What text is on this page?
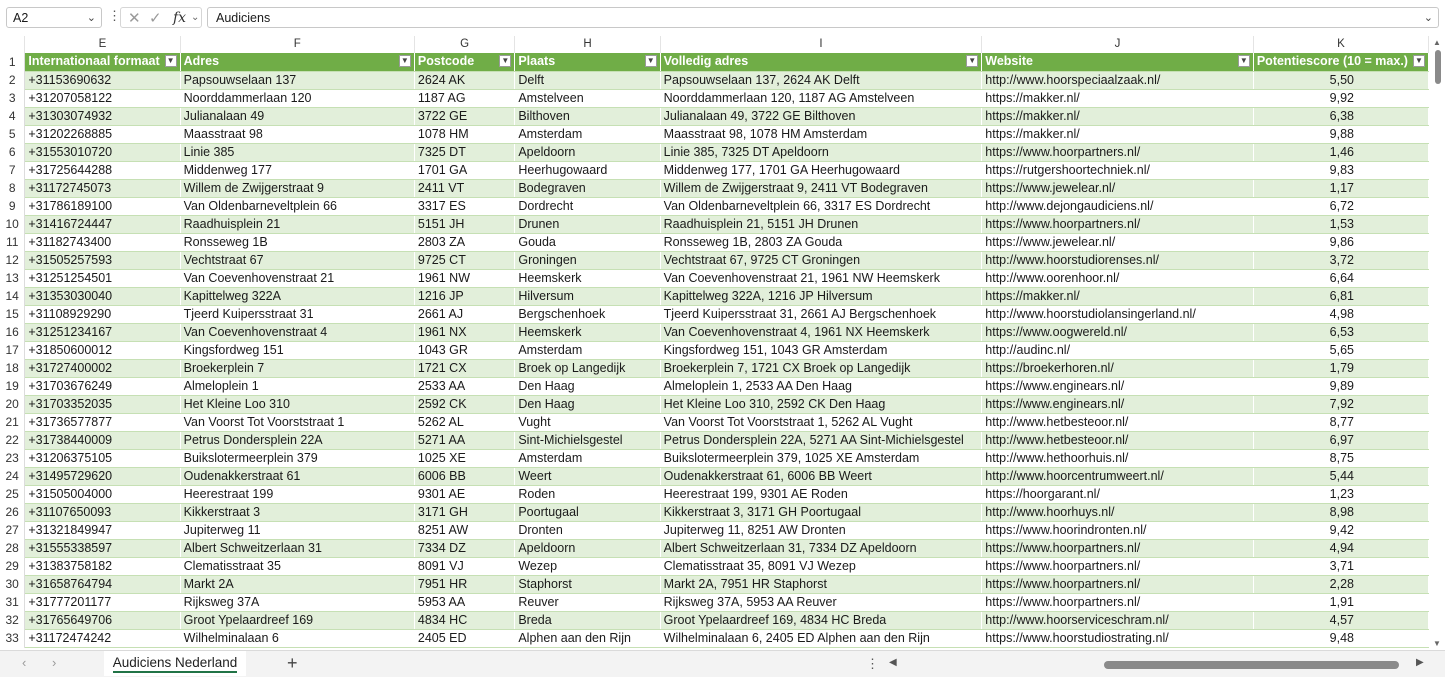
A2	⌄ ⋮ ✕ ✓ fx ⌄ Audiciens	⌄
	E	F	G	H	I	J	K
1	Internationaal formaat ▼	Adres ▼	Postcode ▼	Plaats ▼	Volledig adres ▼	Website ▼	Potentiescore (10 = max.) ▼

2	+31153690632	Papsouwselaan 137	2624 AK	Delft	Papsouwselaan 137, 2624 AK Delft	http://www.hoorspeciaalzaak.nl/	5,50
3	+31207058122	Noorddammerlaan 120	1187 AG	Amstelveen	Noorddammerlaan 120, 1187 AG Amstelveen	https://makker.nl/	9,92
4	+31303074932	Julianalaan 49	3722 GE	Bilthoven	Julianalaan 49, 3722 GE Bilthoven	https://makker.nl/	6,38
5	+31202268885	Maasstraat 98	1078 HM	Amsterdam	Maasstraat 98, 1078 HM Amsterdam	https://makker.nl/	9,88
6	+31553010720	Linie 385	7325 DT	Apeldoorn	Linie 385, 7325 DT Apeldoorn	https://www.hoorpartners.nl/	1,46
7	+31725644288	Middenweg 177	1701 GA	Heerhugowaard	Middenweg 177, 1701 GA Heerhugowaard	https://rutgershoortechniek.nl/	9,83
8	+31172745073	Willem de Zwijgerstraat 9	2411 VT	Bodegraven	Willem de Zwijgerstraat 9, 2411 VT Bodegraven	https://www.jewelear.nl/	1,17
9	+31786189100	Van Oldenbarneveltplein 66	3317 ES	Dordrecht	Van Oldenbarneveltplein 66, 3317 ES Dordrecht	http://www.dejongaudiciens.nl/	6,72
10	+31416724447	Raadhuisplein 21	5151 JH	Drunen	Raadhuisplein 21, 5151 JH Drunen	https://www.hoorpartners.nl/	1,53
11	+31182743400	Ronsseweg 1B	2803 ZA	Gouda	Ronsseweg 1B, 2803 ZA Gouda	https://www.jewelear.nl/	9,86
12	+31505257593	Vechtstraat 67	9725 CT	Groningen	Vechtstraat 67, 9725 CT Groningen	http://www.hoorstudiorenses.nl/	3,72
13	+31251254501	Van Coevenhovenstraat 21	1961 NW	Heemskerk	Van Coevenhovenstraat 21, 1961 NW Heemskerk	http://www.oorenhoor.nl/	6,64
14	+31353030040	Kapittelweg 322A	1216 JP	Hilversum	Kapittelweg 322A, 1216 JP Hilversum	https://makker.nl/	6,81
15	+31108929290	Tjeerd Kuipersstraat 31	2661 AJ	Bergschenhoek	Tjeerd Kuipersstraat 31, 2661 AJ Bergschenhoek	http://www.hoorstudiolansingerland.nl/	4,98
16	+31251234167	Van Coevenhovenstraat 4	1961 NX	Heemskerk	Van Coevenhovenstraat 4, 1961 NX Heemskerk	https://www.oogwereld.nl/	6,53
17	+31850600012	Kingsfordweg 151	1043 GR	Amsterdam	Kingsfordweg 151, 1043 GR Amsterdam	http://audinc.nl/	5,65
18	+31727400002	Broekerplein 7	1721 CX	Broek op Langedijk	Broekerplein 7, 1721 CX Broek op Langedijk	https://broekerhoren.nl/	1,79
19	+31703676249	Almeloplein 1	2533 AA	Den Haag	Almeloplein 1, 2533 AA Den Haag	https://www.enginears.nl/	9,89
20	+31703352035	Het Kleine Loo 310	2592 CK	Den Haag	Het Kleine Loo 310, 2592 CK Den Haag	https://www.enginears.nl/	7,92
21	+31736577877	Van Voorst Tot Voorststraat 1	5262 AL	Vught	Van Voorst Tot Voorststraat 1, 5262 AL Vught	http://www.hetbesteoor.nl/	8,77
22	+31738440009	Petrus Dondersplein 22A	5271 AA	Sint-Michielsgestel	Petrus Dondersplein 22A, 5271 AA Sint-Michielsgestel	http://www.hetbesteoor.nl/	6,97
23	+31206375105	Buikslotermeerplein 379	1025 XE	Amsterdam	Buikslotermeerplein 379, 1025 XE Amsterdam	http://www.hethoorhuis.nl/	8,75
24	+31495729620	Oudenakkerstraat 61	6006 BB	Weert	Oudenakkerstraat 61, 6006 BB Weert	http://www.hoorcentrumweert.nl/	5,44
25	+31505004000	Heerestraat 199	9301 AE	Roden	Heerestraat 199, 9301 AE Roden	https://hoorgarant.nl/	1,23
26	+31107650093	Kikkerstraat 3	3171 GH	Poortugaal	Kikkerstraat 3, 3171 GH Poortugaal	http://www.hoorhuys.nl/	8,98
27	+31321849947	Jupiterweg 11	8251 AW	Dronten	Jupiterweg 11, 8251 AW Dronten	https://www.hoorindronten.nl/	9,42
28	+31555338597	Albert Schweitzerlaan 31	7334 DZ	Apeldoorn	Albert Schweitzerlaan 31, 7334 DZ Apeldoorn	https://www.hoorpartners.nl/	4,94
29	+31383758182	Clematisstraat 35	8091 VJ	Wezep	Clematisstraat 35, 8091 VJ Wezep	https://www.hoorpartners.nl/	3,71
30	+31658764794	Markt 2A	7951 HR	Staphorst	Markt 2A, 7951 HR Staphorst	https://www.hoorpartners.nl/	2,28
31	+31777201177	Rijksweg 37A	5953 AA	Reuver	Rijksweg 37A, 5953 AA Reuver	https://www.hoorpartners.nl/	1,91
32	+31765649706	Groot Ypelaardreef 169	4834 HC	Breda	Groot Ypelaardreef 169, 4834 HC Breda	http://www.hoorserviceschram.nl/	4,57
33	+31172474242	Wilhelminalaan 6	2405 ED	Alphen aan den Rijn	Wilhelminalaan 6, 2405 ED Alphen aan den Rijn	https://www.hoorstudiostrating.nl/	9,48
▲
▼
‹ ›	Audiciens Nederland	+	⋮ ◀	▶
